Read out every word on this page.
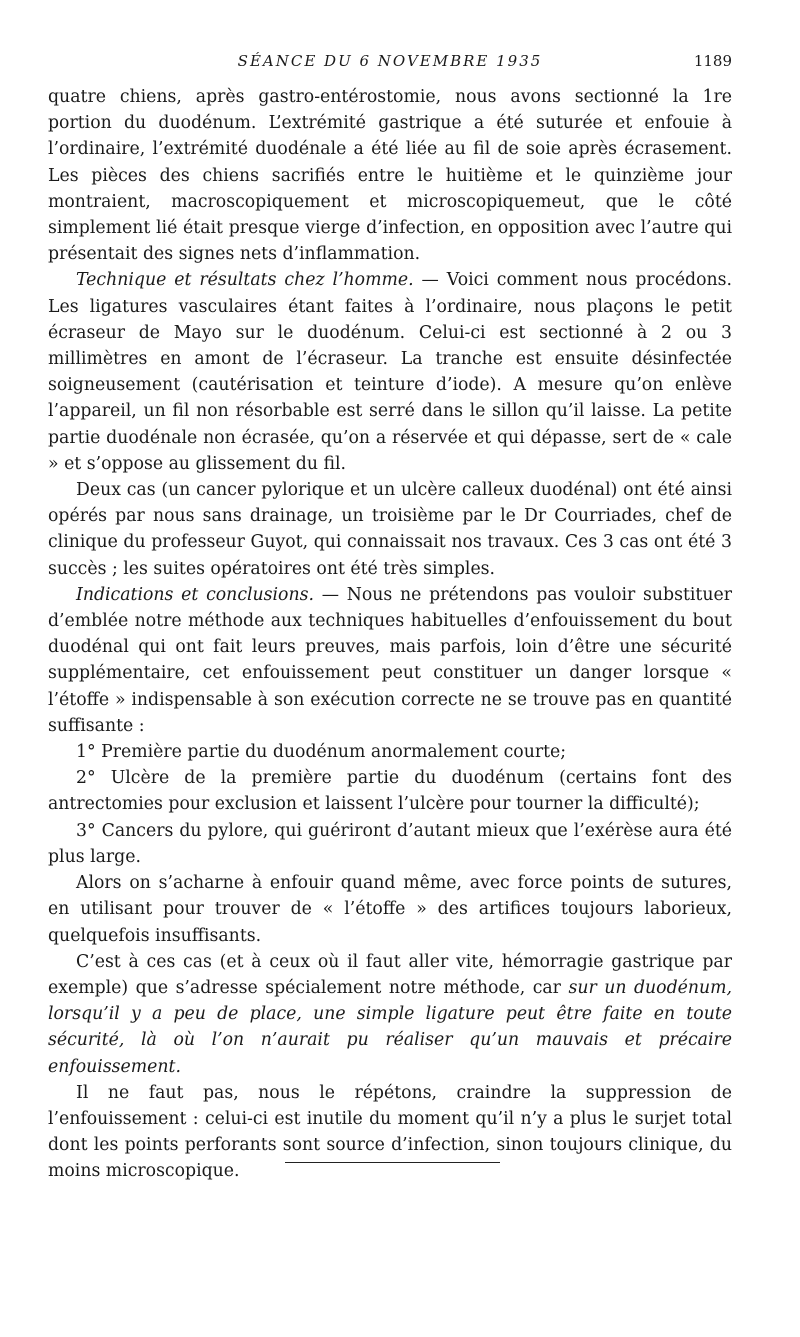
SÉANCE DU 6 NOVEMBRE 1935	1189

quatre chiens, après gastro-entérostomie, nous avons sectionné la 1re portion du duodénum. L’extrémité gastrique a été suturée et enfouie à l’ordinaire, l’extrémité duodénale a été liée au fil de soie après écrasement. Les pièces des chiens sacrifiés entre le huitième et le quinzième jour montraient, macroscopiquement et microscopiquemeut, que le côté simplement lié était presque vierge d’infection, en opposition avec l’autre qui présentait des signes nets d’inflammation.

Technique et résultats chez l’homme. — Voici comment nous procédons. Les ligatures vasculaires étant faites à l’ordinaire, nous plaçons le petit écraseur de Mayo sur le duodénum. Celui-ci est sectionné à 2 ou 3 millimètres en amont de l’écraseur. La tranche est ensuite désinfectée soigneusement (cautérisation et teinture d’iode). A mesure qu’on enlève l’appareil, un fil non résorbable est serré dans le sillon qu’il laisse. La petite partie duodénale non écrasée, qu’on a réservée et qui dépasse, sert de « cale » et s’oppose au glissement du fil.

Deux cas (un cancer pylorique et un ulcère calleux duodénal) ont été ainsi opérés par nous sans drainage, un troisième par le Dr Courriades, chef de clinique du professeur Guyot, qui connaissait nos travaux. Ces 3 cas ont été 3 succès ; les suites opératoires ont été très simples.

Indications et conclusions. — Nous ne prétendons pas vouloir substituer d’emblée notre méthode aux techniques habituelles d’enfouissement du bout duodénal qui ont fait leurs preuves, mais parfois, loin d’être une sécurité supplémentaire, cet enfouissement peut constituer un danger lorsque « l’étoffe » indispensable à son exécution correcte ne se trouve pas en quantité suffisante :

1° Première partie du duodénum anormalement courte;

2° Ulcère de la première partie du duodénum (certains font des antrectomies pour exclusion et laissent l’ulcère pour tourner la difficulté);

3° Cancers du pylore, qui guériront d’autant mieux que l’exérèse aura été plus large.

Alors on s’acharne à enfouir quand même, avec force points de sutures, en utilisant pour trouver de « l’étoffe » des artifices toujours laborieux, quelquefois insuffisants.

C’est à ces cas (et à ceux où il faut aller vite, hémorragie gastrique par exemple) que s’adresse spécialement notre méthode, car sur un duodénum, lorsqu’il y a peu de place, une simple ligature peut être faite en toute sécurité, là où l’on n’aurait pu réaliser qu’un mauvais et précaire enfouissement.

Il ne faut pas, nous le répétons, craindre la suppression de l’enfouissement : celui-ci est inutile du moment qu’il n’y a plus le surjet total dont les points perforants sont source d’infection, sinon toujours clinique, du moins microscopique.
